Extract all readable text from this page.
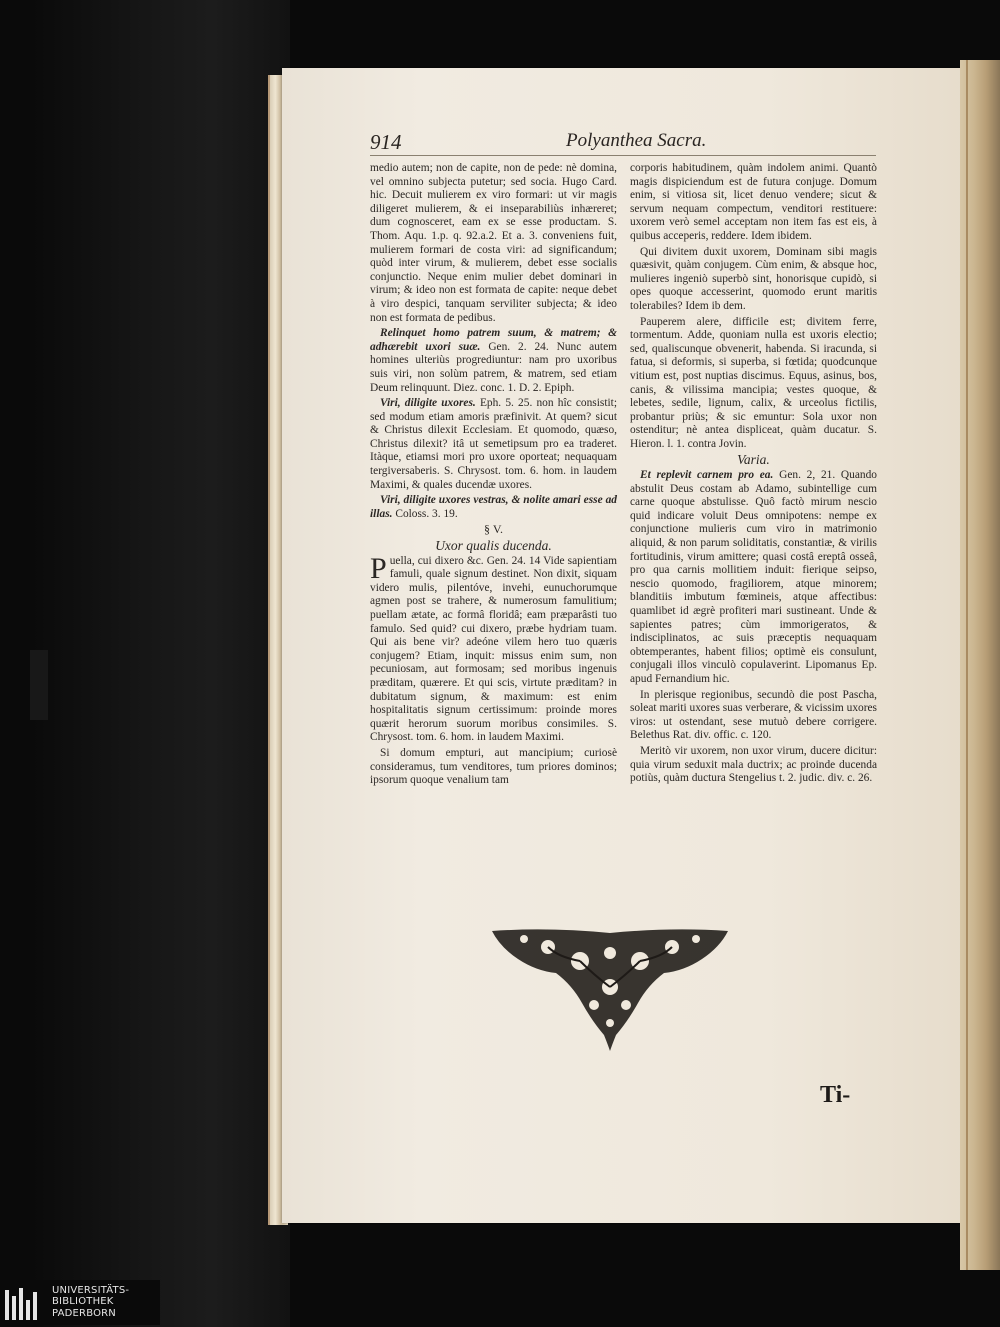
914	Polyanthea Sacra.

medio autem; non de capite, non de pede: nè domina, vel omnino subjecta putetur; sed socia. Hugo Card. hic. Decuit mulierem ex viro formari: ut vir magis diligeret mulierem, & ei inseparabiliùs inhæreret; dum cognosceret, eam ex se esse productam. S. Thom. Aqu. 1.p. q. 92.a.2. Et a. 3. conveniens fuit, mulierem formari de costa viri: ad significandum; quòd inter virum, & mulierem, debet esse socialis conjunctio. Neque enim mulier debet dominari in virum; & ideo non est formata de capite: neque debet à viro despici, tanquam serviliter subjecta; & ideo non est formata de pedibus.

Relinquet homo patrem suum, & matrem; & adhærebit uxori suæ. Gen. 2. 24. Nunc autem homines ulteriùs progrediuntur: nam pro uxoribus suis viri, non solùm patrem, & matrem, sed etiam Deum relinquunt. Diez. conc. 1. D. 2. Epiph.

Viri, diligite uxores. Eph. 5. 25. non hîc consistit; sed modum etiam amoris præfinivit. At quem? sicut & Christus dilexit Ecclesiam. Et quomodo, quæso, Christus dilexit? itâ ut semetipsum pro ea traderet. Itàque, etiamsi mori pro uxore oporteat; nequaquam tergiversaberis. S. Chrysost. tom. 6. hom. in laudem Maximi, & quales ducendæ uxores.

Viri, diligite uxores vestras, & nolite amari esse ad illas. Coloss. 3. 19.

§ V.

Uxor qualis ducenda.

Puella, cui dixero &c. Gen. 24. 14 Vide sapientiam famuli, quale signum destinet. Non dixit, siquam videro mulis, pilentóve, invehi, eunuchorumque agmen post se trahere, & numerosum famulitium; puellam ætate, ac formâ floridâ; eam præparâsti tuo famulo. Sed quid? cui dixero, præbe hydriam tuam. Qui ais bene vir? adeóne vilem hero tuo quæris conjugem? Etiam, inquit: missus enim sum, non pecuniosam, aut formosam; sed moribus ingenuis præditam, quærere. Et qui scis, virtute præditam? in dubitatum signum, & maximum: est enim hospitalitatis signum certissimum: proinde mores quærit herorum suorum moribus consimiles. S. Chrysost. tom. 6. hom. in laudem Maximi.

Si domum empturi, aut mancipium; curiosè consideramus, tum venditores, tum priores dominos; ipsorum quoque venalium tam

corporis habitudinem, quàm indolem animi. Quantò magis dispiciendum est de futura conjuge. Domum enim, si vitiosa sit, licet denuo vendere; sicut & servum nequam compectum, venditori restituere: uxorem verò semel acceptam non item fas est eis, à quibus acceperis, reddere. Idem ibidem.

Qui divitem duxit uxorem, Dominam sibi magis quæsivit, quàm conjugem. Cùm enim, & absque hoc, mulieres ingeniò superbò sint, honorisque cupidò, si opes quoque accesserint, quomodo erunt maritis tolerabiles? Idem ib dem.

Pauperem alere, difficile est; divitem ferre, tormentum. Adde, quoniam nulla est uxoris electio; sed, qualiscunque obvenerit, habenda. Si iracunda, si fatua, si deformis, si superba, si fœtida; quodcunque vitium est, post nuptias discimus. Equus, asinus, bos, canis, & vilissima mancipia; vestes quoque, & lebetes, sedile, lignum, calix, & urceolus fictilis, probantur priùs; & sic emuntur: Sola uxor non ostenditur; nè antea displiceat, quàm ducatur. S. Hieron. l. 1. contra Jovin.

Varia.

Et replevit carnem pro ea. Gen. 2, 21. Quando abstulit Deus costam ab Adamo, subintellige cum carne quoque abstulisse. Quô factò mirum nescio quid indicare voluit Deus omnipotens: nempe ex conjunctione mulieris cum viro in matrimonio aliquid, & non parum soliditatis, constantiæ, & virilis fortitudinis, virum amittere; quasi costâ ereptâ osseâ, pro qua carnis mollitiem induit: fierique seipso, nescio quomodo, fragiliorem, atque minorem; blanditiis imbutum fœmineis, atque affectibus: quamlibet id ægrè profiteri mari sustineant. Unde & sapientes patres; cùm immorigeratos, & indisciplinatos, ac suis præceptis nequaquam obtemperantes, habent filios; optimè eis consulunt, conjugali illos vinculò copulaverint. Lipomanus Ep. apud Fernandium hic.

In plerisque regionibus, secundò die post Pascha, soleat mariti uxores suas verberare, & vicissim uxores viros: ut ostendant, sese mutuò debere corrigere. Belethus Rat. div. offic. c. 120.

Meritò vir uxorem, non uxor virum, ducere dicitur: quia virum seduxit mala ductrix; ac proinde ducenda potiùs, quàm ductura Stengelius t. 2. judic. div. c. 26.

Ti-
UNIVERSITÄTS-
BIBLIOTHEK
PADERBORN
